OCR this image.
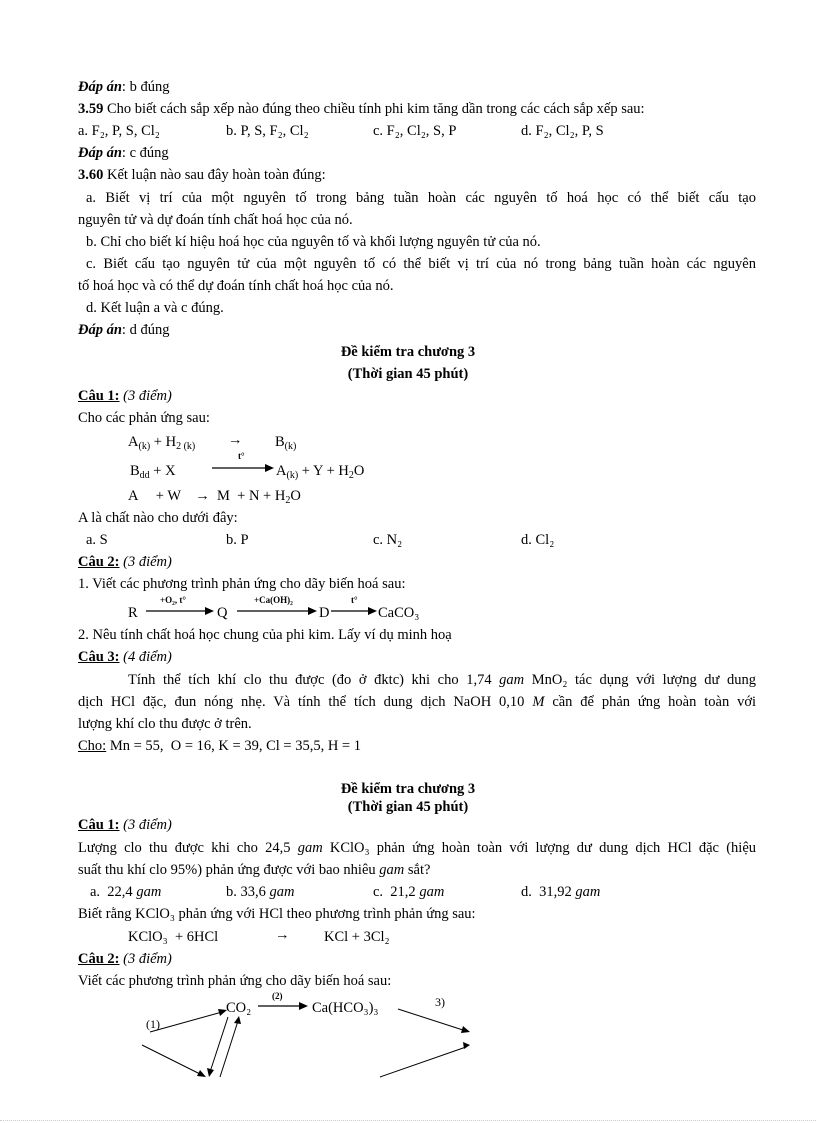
Đáp án: b đúng
3.59 Cho biết cách sắp xếp nào đúng theo chiều tính phi kim tăng dần trong các cách sắp xếp sau:
a. F₂, P, S, Cl₂	b. P, S, F₂, Cl₂	c. F₂, Cl₂, S, P	d. F₂, Cl₂, P, S
Đáp án: c đúng
3.60 Kết luận nào sau đây hoàn toàn đúng:
a. Biết vị trí của một nguyên tố trong bảng tuần hoàn các nguyên tố hoá học có thể biết cấu tạo
nguyên tử và dự đoán tính chất hoá học của nó.
b. Chỉ cho biết kí hiệu hoá học của nguyên tố và khối lượng nguyên tử của nó.
c. Biết cấu tạo nguyên tử của một nguyên tố có thể biết vị trí của nó trong bảng tuần hoàn các nguyên
tố hoá học và có thể dự đoán tính chất hoá học của nó.
d. Kết luận a và c đúng.
Đáp án: d đúng
Đề kiểm tra chương 3
(Thời gian 45 phút)
Câu 1: (3 điểm)
Cho các phản ứng sau:
$A_{(k)} + H_{2 (k)} \to B_{(k)}$
$B_{dd} + X$
t°
$A_{(k)} + Y + H_2O$
A     + W    →  $M + N + H_2O$
A là chất nào cho dưới đây:
a. S	b. P	c. N₂	d. Cl₂
Câu 2: (3 điểm)
1. Viết các phương trình phản ứng cho dãy biến hoá sau:
R
+O₂, t°
Q
+Ca(OH)₂
D
t°
CaCO₃
2. Nêu tính chất hoá học chung của phi kim. Lấy ví dụ minh hoạ
Câu 3: (4 điểm)
Tính thể tích khí clo thu được (đo ở đktc) khi cho 1,74 gam MnO₂ tác dụng với lượng dư dung
dịch HCl đặc, đun nóng nhẹ. Và tính thể tích dung dịch NaOH 0,10 M cần để phản ứng hoàn toàn với
lượng khí clo thu được ở trên.
Cho: Mn = 55,  O = 16, K = 39, Cl = 35,5, H = 1
Đề kiểm tra chương 3
(Thời gian 45 phút)
Câu 1: (3 điểm)
Lượng clo thu được khi cho 24,5 gam KClO₃ phản ứng hoàn toàn với lượng dư dung dịch HCl đặc (hiệu
suất thu khí clo 95%) phản ứng được với bao nhiêu gam sắt?
a.  22,4 gam	b. 33,6 gam	c.  21,2 gam	d.  31,92 gam
Biết rằng KClO₃ phản ứng với HCl theo phương trình phản ứng sau:
KClO₃  + 6HCl	→ KCl + 3Cl₂
Câu 2: (3 điểm)
Viết các phương trình phản ứng cho dãy biến hoá sau:
CO₂
(2)
Ca(HCO₃)₃
(1)
3)
